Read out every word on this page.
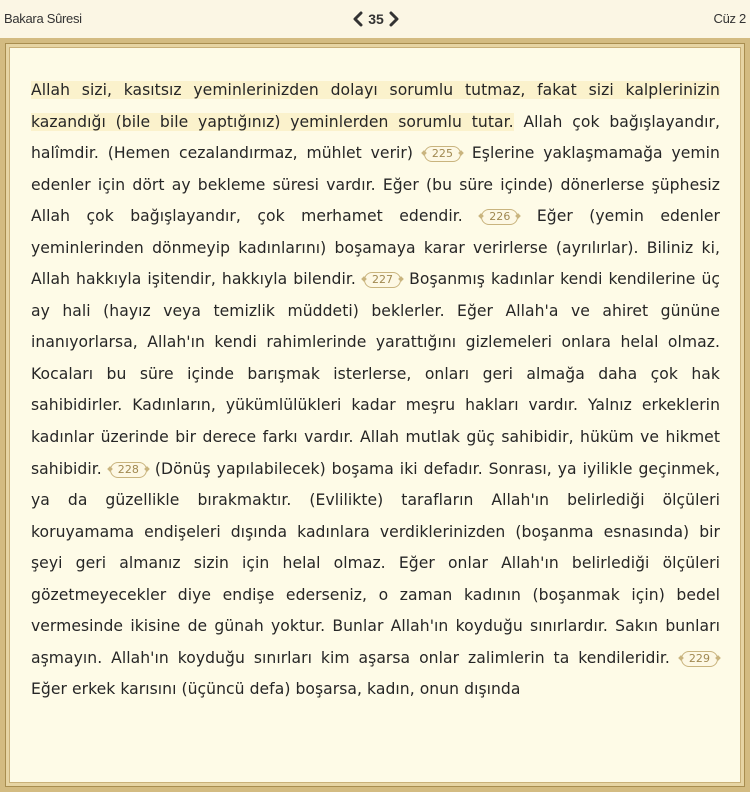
Bakara Sûresi	35	Cüz 2
Allah sizi, kasıtsız yeminlerinizden dolayı sorumlu tutmaz, fakat sizi kalplerinizin kazandığı (bile bile yaptığınız) yeminlerden sorumlu tutar. Allah çok bağışlayandır, halîmdir. (Hemen cezalandırmaz, mühlet verir) 225 Eşlerine yaklaşmamağa yemin edenler için dört ay bekleme süresi vardır. Eğer (bu süre içinde) dönerlerse şüphesiz Allah çok bağışlayandır, çok merhamet edendir. 226 Eğer (yemin edenler yeminlerinden dönmeyip kadınlarını) boşamaya karar verirlerse (ayrılırlar). Biliniz ki, Allah hakkıyla işitendir, hakkıyla bilendir. 227 Boşanmış kadınlar kendi kendilerine üç ay hali (hayız veya temizlik müddeti) beklerler. Eğer Allah'a ve ahiret gününe inanıyorlarsa, Allah'ın kendi rahimlerinde yarattığını gizlemeleri onlara helal olmaz. Kocaları bu süre içinde barışmak isterlerse, onları geri almağa daha çok hak sahibidirler. Kadınların, yükümlülükleri kadar meşru hakları vardır. Yalnız erkeklerin kadınlar üzerinde bir derece farkı vardır. Allah mutlak güç sahibidir, hüküm ve hikmet sahibidir. 228 (Dönüş yapılabilecek) boşama iki defadır. Sonrası, ya iyilikle geçinmek, ya da güzellikle bırakmaktır. (Evlilikte) tarafların Allah'ın belirlediği ölçüleri koruyamama endişeleri dışında kadınlara verdiklerinizden (boşanma esnasında) bir şeyi geri almanız sizin için helal olmaz. Eğer onlar Allah'ın belirlediği ölçüleri gözetmeyecekler diye endişe ederseniz, o zaman kadının (boşanmak için) bedel vermesinde ikisine de günah yoktur. Bunlar Allah'ın koyduğu sınırlardır. Sakın bunları aşmayın. Allah'ın koyduğu sınırları kim aşarsa onlar zalimlerin ta kendileridir. 229 Eğer erkek karısını (üçüncü defa) boşarsa, kadın, onun dışında
